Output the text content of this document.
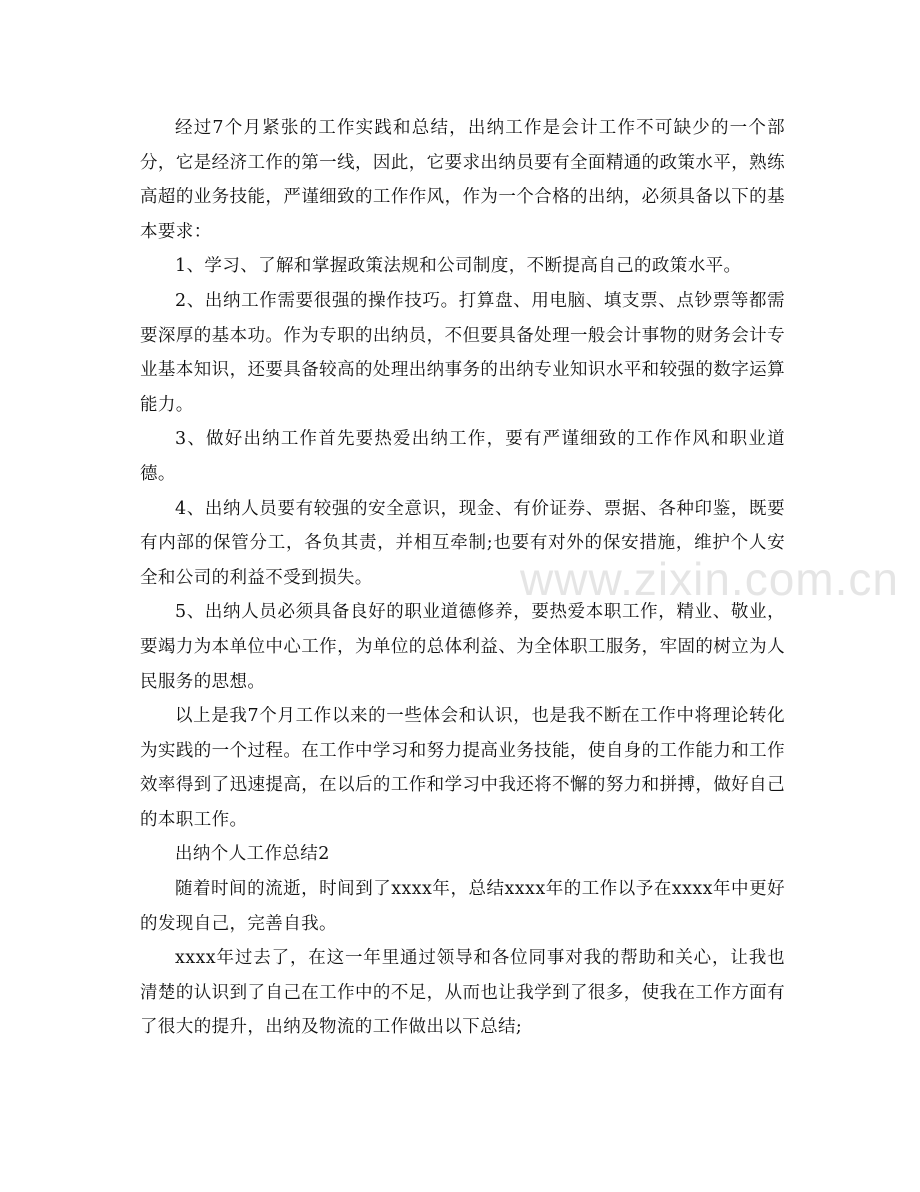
经过7个月紧张的工作实践和总结，出纳工作是会计工作不可缺少的一个部分，它是经济工作的第一线，因此，它要求出纳员要有全面精通的政策水平，熟练高超的业务技能，严谨细致的工作作风，作为一个合格的出纳，必须具备以下的基本要求：

1、学习、了解和掌握政策法规和公司制度，不断提高自己的政策水平。

2、出纳工作需要很强的操作技巧。打算盘、用电脑、填支票、点钞票等都需要深厚的基本功。作为专职的出纳员，不但要具备处理一般会计事物的财务会计专业基本知识，还要具备较高的处理出纳事务的出纳专业知识水平和较强的数字运算能力。

3、做好出纳工作首先要热爱出纳工作，要有严谨细致的工作作风和职业道德。

4、出纳人员要有较强的安全意识，现金、有价证券、票据、各种印鉴，既要有内部的保管分工，各负其责，并相互牵制;也要有对外的保安措施，维护个人安全和公司的利益不受到损失。

5、出纳人员必须具备良好的职业道德修养，要热爱本职工作，精业、敬业，要竭力为本单位中心工作，为单位的总体利益、为全体职工服务，牢固的树立为人民服务的思想。

以上是我7个月工作以来的一些体会和认识，也是我不断在工作中将理论转化为实践的一个过程。在工作中学习和努力提高业务技能，使自身的工作能力和工作效率得到了迅速提高，在以后的工作和学习中我还将不懈的努力和拼搏，做好自己的本职工作。

出纳个人工作总结2

随着时间的流逝，时间到了xxxx年，总结xxxx年的工作以予在xxxx年中更好的发现自己，完善自我。

xxxx年过去了，在这一年里通过领导和各位同事对我的帮助和关心，让我也清楚的认识到了自己在工作中的不足，从而也让我学到了很多，使我在工作方面有了很大的提升，出纳及物流的工作做出以下总结;

www.zixin.com.cn
